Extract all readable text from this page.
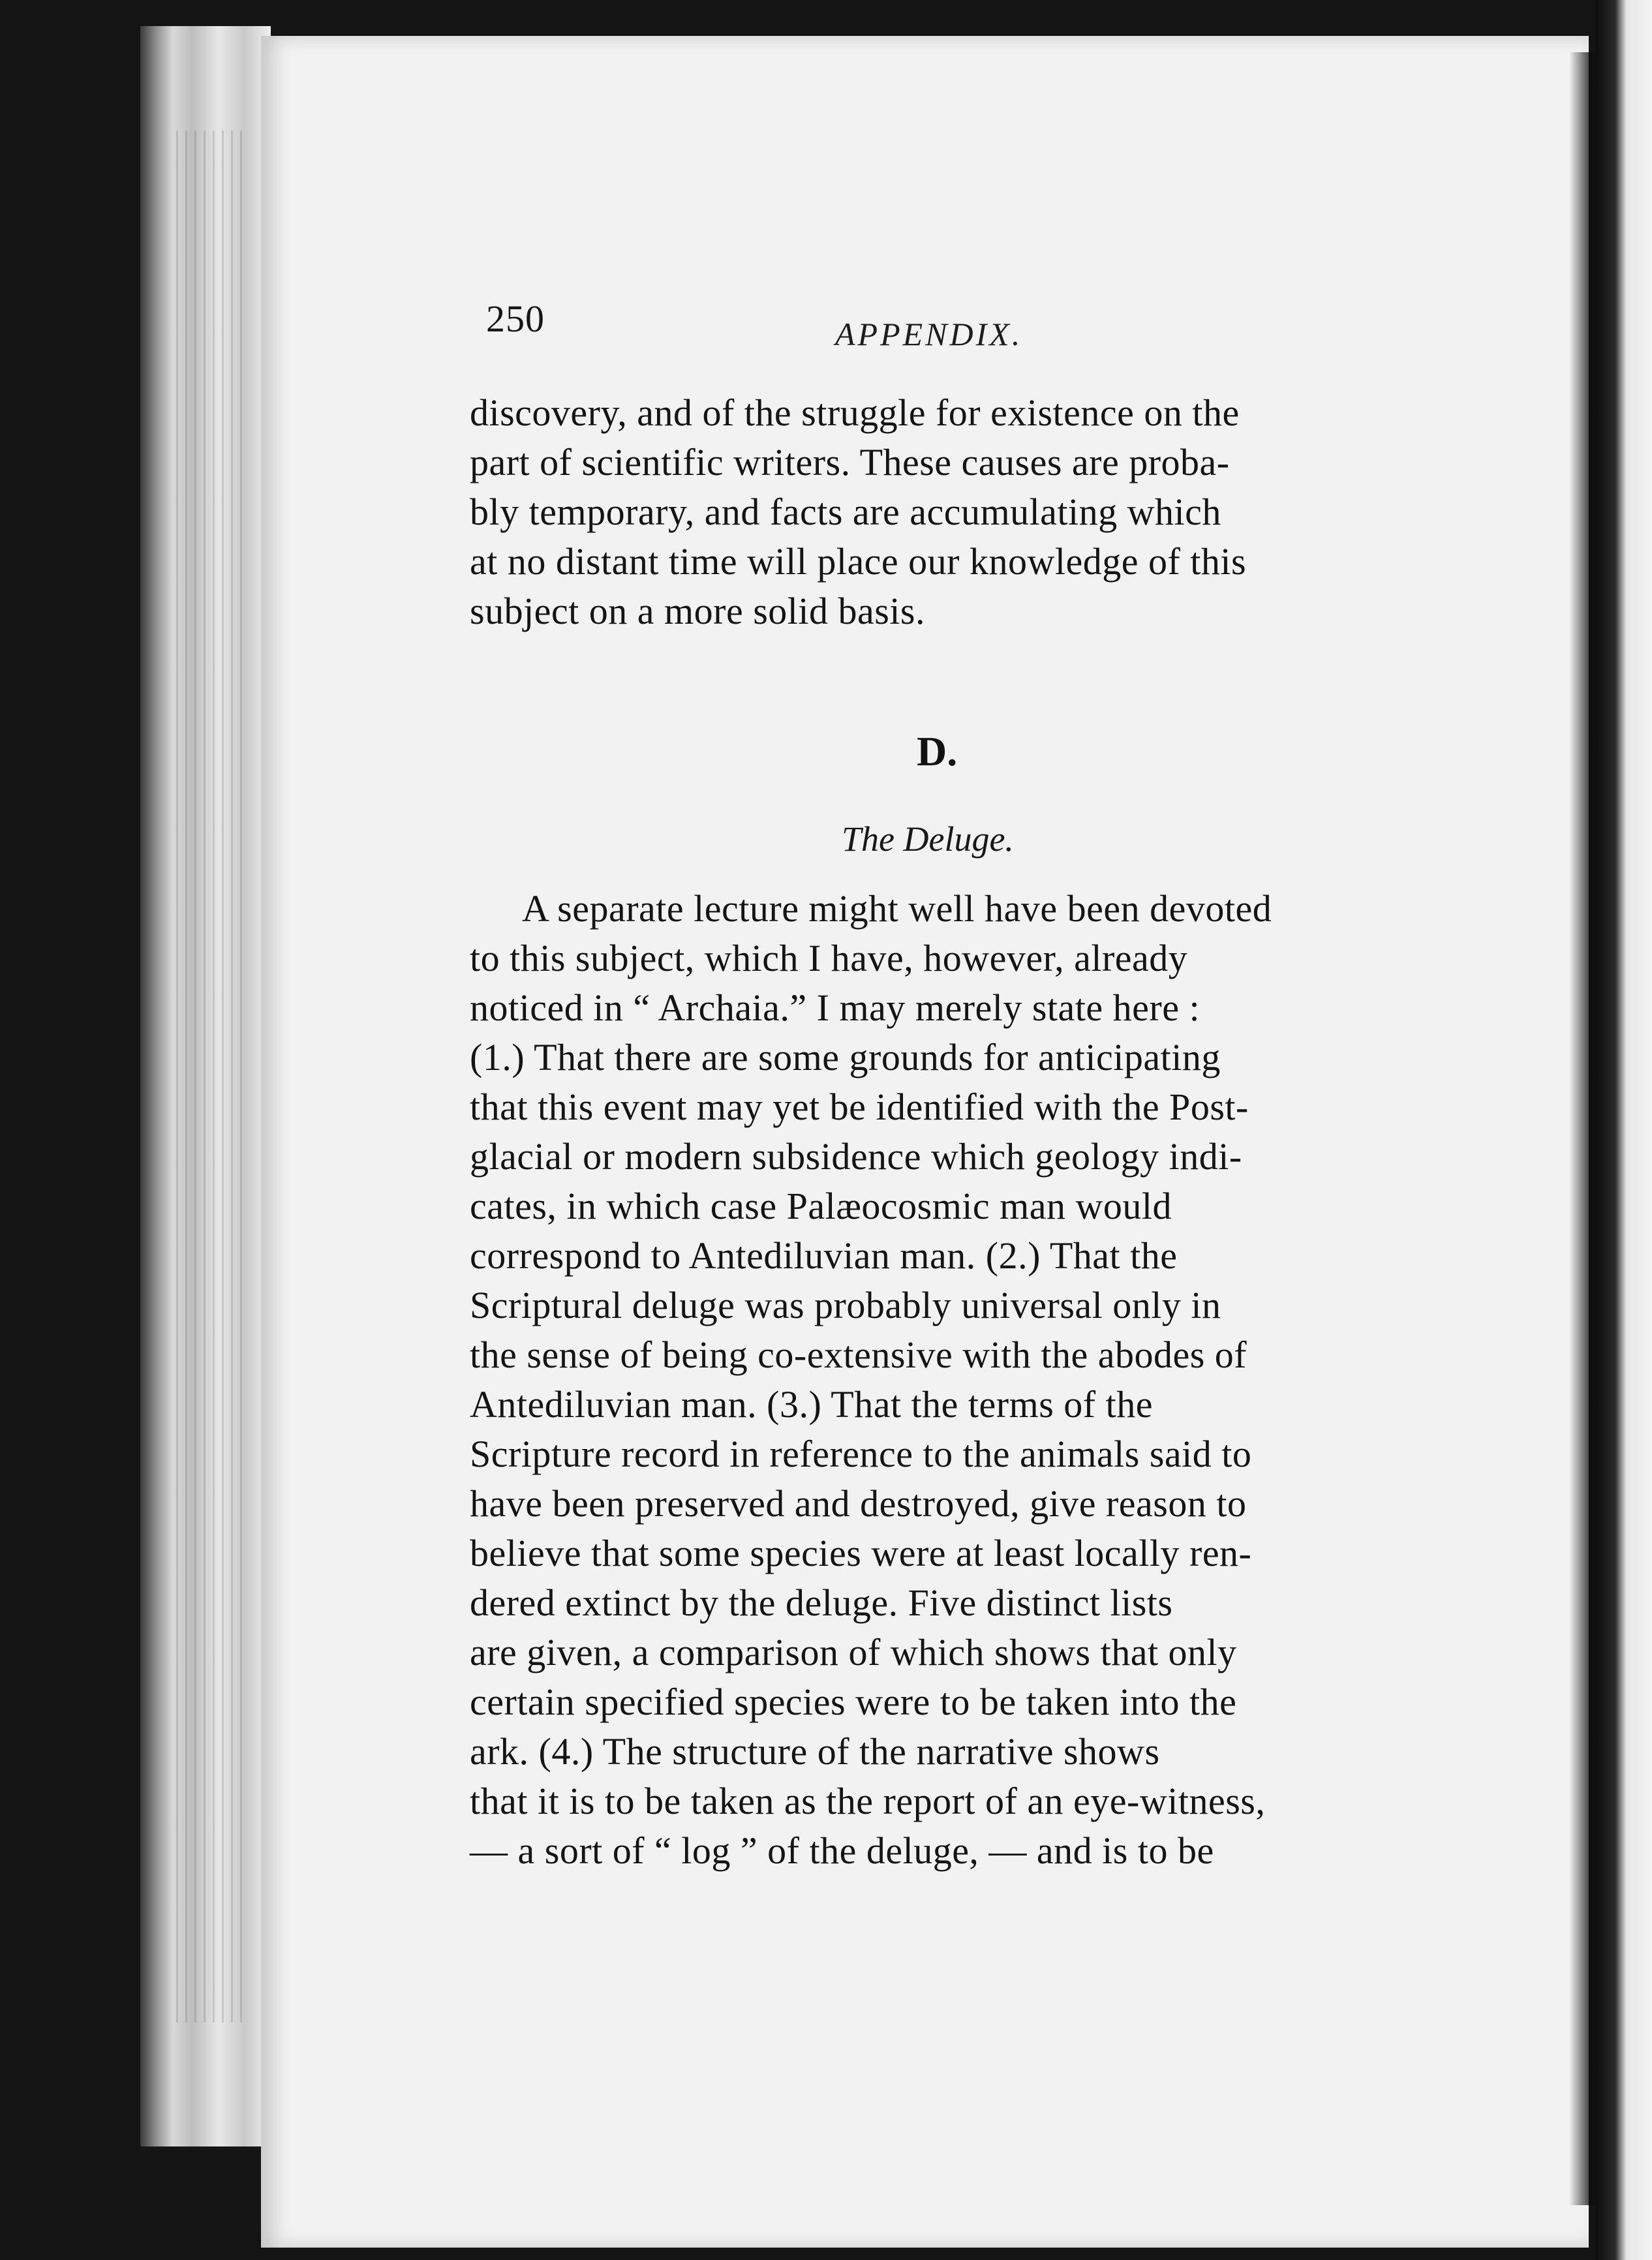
250	APPENDIX.
discovery, and of the struggle for existence on the
part of scientific writers. These causes are proba-
bly temporary, and facts are accumulating which
at no distant time will place our knowledge of this
subject on a more solid basis.
D.
The Deluge.
A separate lecture might well have been devoted
to this subject, which I have, however, already
noticed in “ Archaia.” I may merely state here :
(1.) That there are some grounds for anticipating
that this event may yet be identified with the Post-
glacial or modern subsidence which geology indi-
cates, in which case Palæocosmic man would
correspond to Antediluvian man. (2.) That the
Scriptural deluge was probably universal only in
the sense of being co-extensive with the abodes of
Antediluvian man. (3.) That the terms of the
Scripture record in reference to the animals said to
have been preserved and destroyed, give reason to
believe that some species were at least locally ren-
dered extinct by the deluge. Five distinct lists
are given, a comparison of which shows that only
certain specified species were to be taken into the
ark. (4.) The structure of the narrative shows
that it is to be taken as the report of an eye-witness,
— a sort of “ log ” of the deluge, — and is to be
